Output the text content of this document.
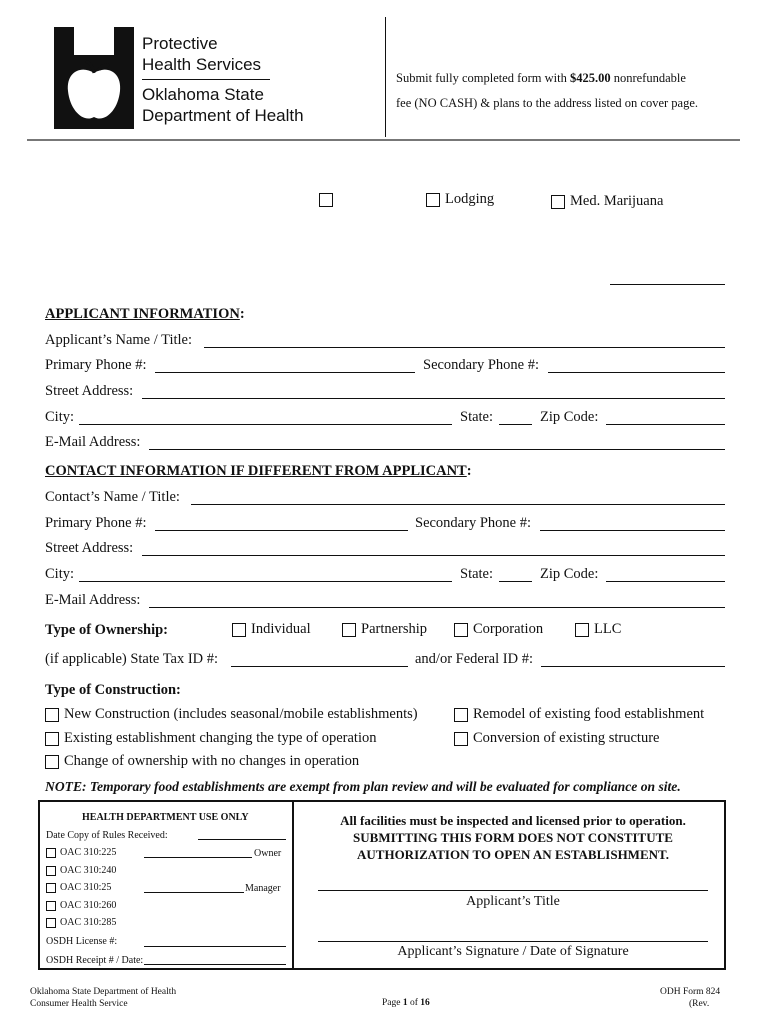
Protective
Health Services
Oklahoma State
Department of Health
Submit fully completed form with $425.00 nonrefundable
fee (NO CASH) & plans to the address listed on cover page.
Lodging	Med. Marijuana
APPLICANT INFORMATION:
Applicant’s Name / Title:
Primary Phone #:	Secondary Phone #:
Street Address:
City:	State:	Zip Code:
E-Mail Address:
CONTACT INFORMATION IF DIFFERENT FROM APPLICANT:
Contact’s Name / Title:
Primary Phone #:	Secondary Phone #:
Street Address:
City:	State:	Zip Code:
E-Mail Address:
Type of Ownership:	Individual	Partnership	Corporation	LLC
(if applicable) State Tax ID #:	and/or Federal ID #:
Type of Construction:
New Construction (includes seasonal/mobile establishments)	Remodel of existing food establishment
Existing establishment changing the type of operation	Conversion of existing structure
Change of ownership with no changes in operation
NOTE: Temporary food establishments are exempt from plan review and will be evaluated for compliance on site.
HEALTH DEPARTMENT USE ONLY
Date Copy of Rules Received:
OAC 310:225	Owner
OAC 310:240
OAC 310:25	Manager
OAC 310:260
OAC 310:285
OSDH License #:
OSDH Receipt # / Date:
All facilities must be inspected and licensed prior to operation.
SUBMITTING THIS FORM DOES NOT CONSTITUTE
AUTHORIZATION TO OPEN AN ESTABLISHMENT.
Applicant’s Title
Applicant’s Signature / Date of Signature
Oklahoma State Department of Health
Consumer Health Service	Page 1 of 16
ODH Form 824
(Rev.
